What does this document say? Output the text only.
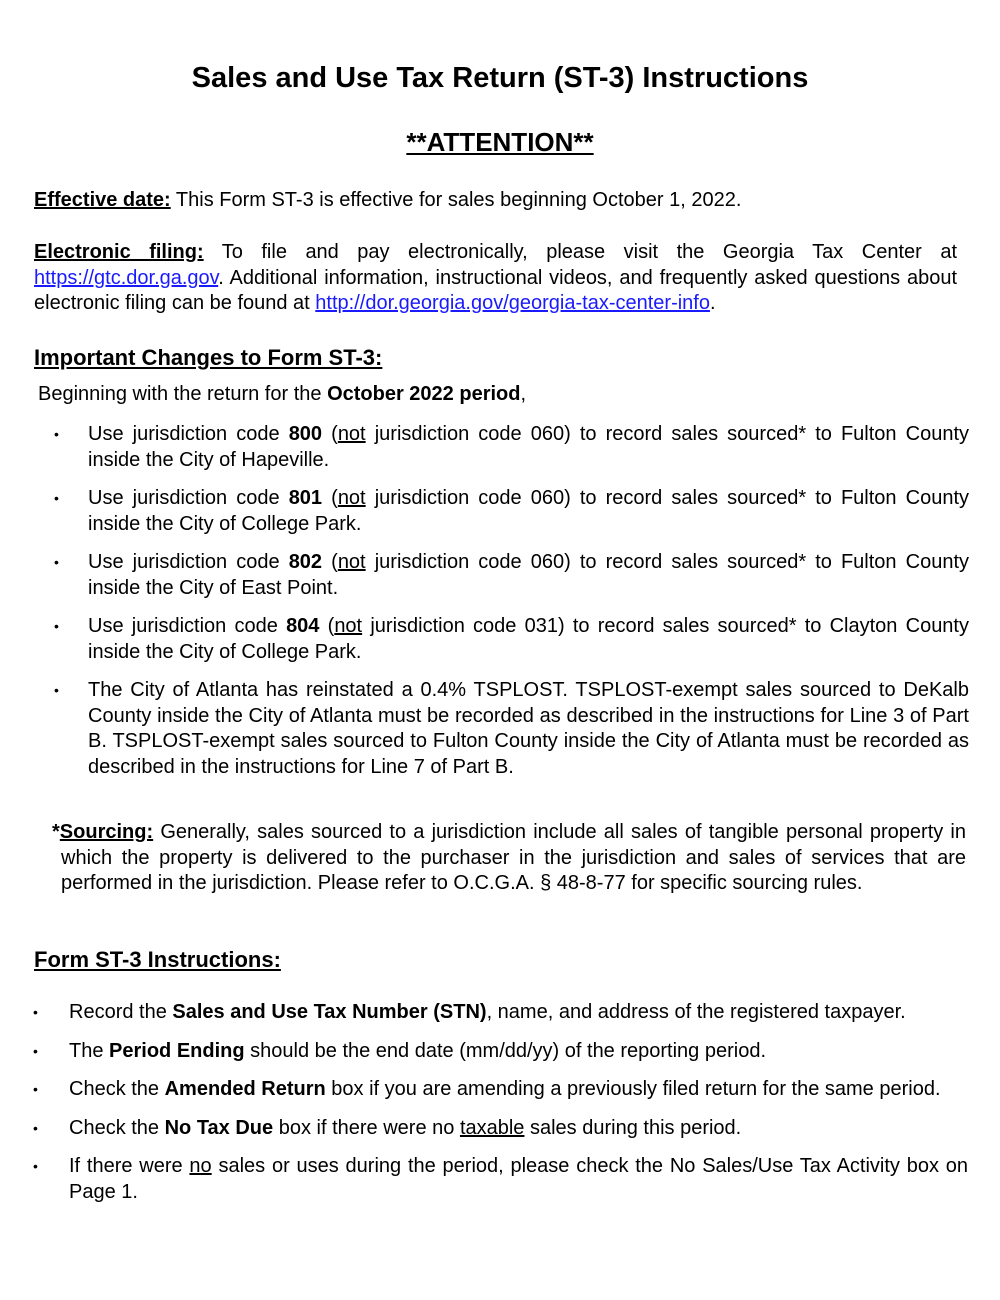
Sales and Use Tax Return (ST-3) Instructions
**ATTENTION**

Effective date: This Form ST-3 is effective for sales beginning October 1, 2022.

Electronic filing: To file and pay electronically, please visit the Georgia Tax Center at https://gtc.dor.ga.gov. Additional information, instructional videos, and frequently asked questions about electronic filing can be found at http://dor.georgia.gov/georgia-tax-center-info.

Important Changes to Form ST-3:

Beginning with the return for the October 2022 period,

• Use jurisdiction code 800 (not jurisdiction code 060) to record sales sourced* to Fulton County inside the City of Hapeville.
• Use jurisdiction code 801 (not jurisdiction code 060) to record sales sourced* to Fulton County inside the City of College Park.
• Use jurisdiction code 802 (not jurisdiction code 060) to record sales sourced* to Fulton County inside the City of East Point.
• Use jurisdiction code 804 (not jurisdiction code 031) to record sales sourced* to Clayton County inside the City of College Park.
• The City of Atlanta has reinstated a 0.4% TSPLOST. TSPLOST-exempt sales sourced to DeKalb County inside the City of Atlanta must be recorded as described in the instructions for Line 3 of Part B. TSPLOST-exempt sales sourced to Fulton County inside the City of Atlanta must be recorded as described in the instructions for Line 7 of Part B.

*Sourcing: Generally, sales sourced to a jurisdiction include all sales of tangible personal property in which the property is delivered to the purchaser in the jurisdiction and sales of services that are performed in the jurisdiction. Please refer to O.C.G.A. § 48-8-77 for specific sourcing rules.

Form ST-3 Instructions:
• Record the Sales and Use Tax Number (STN), name, and address of the registered taxpayer.
• The Period Ending should be the end date (mm/dd/yy) of the reporting period.
• Check the Amended Return box if you are amending a previously filed return for the same period.
• Check the No Tax Due box if there were no taxable sales during this period.
• If there were no sales or uses during the period, please check the No Sales/Use Tax Activity box on Page 1.
